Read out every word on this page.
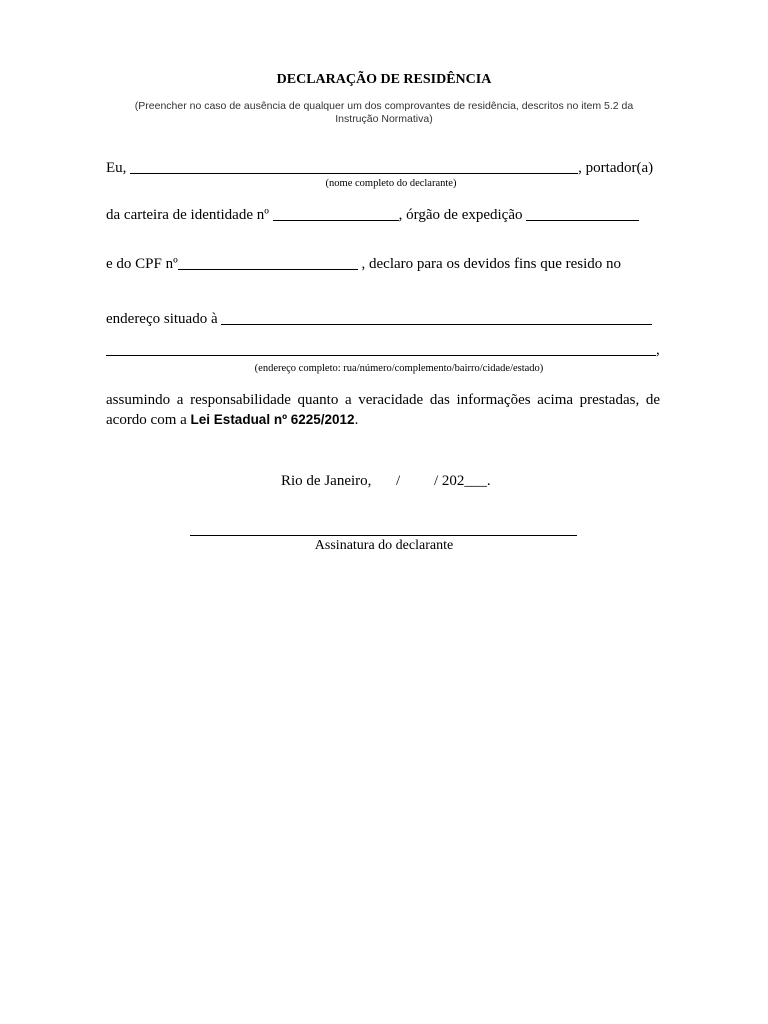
DECLARAÇÃO DE RESIDÊNCIA
(Preencher no caso de ausência de qualquer um dos comprovantes de residência, descritos no item 5.2 da
Instrução Normativa)
Eu,	, portador(a)
(nome completo do declarante)
da carteira de identidade nº	, órgão de expedição
e do CPF nº	, declaro para os devidos fins que resido no
endereço situado à
,
(endereço completo: rua/número/complemento/bairro/cidade/estado)
assumindo a responsabilidade quanto a veracidade das informações acima prestadas, de
acordo com a Lei Estadual nº 6225/2012.
Rio de Janeiro, / / 202___.
Assinatura do declarante
